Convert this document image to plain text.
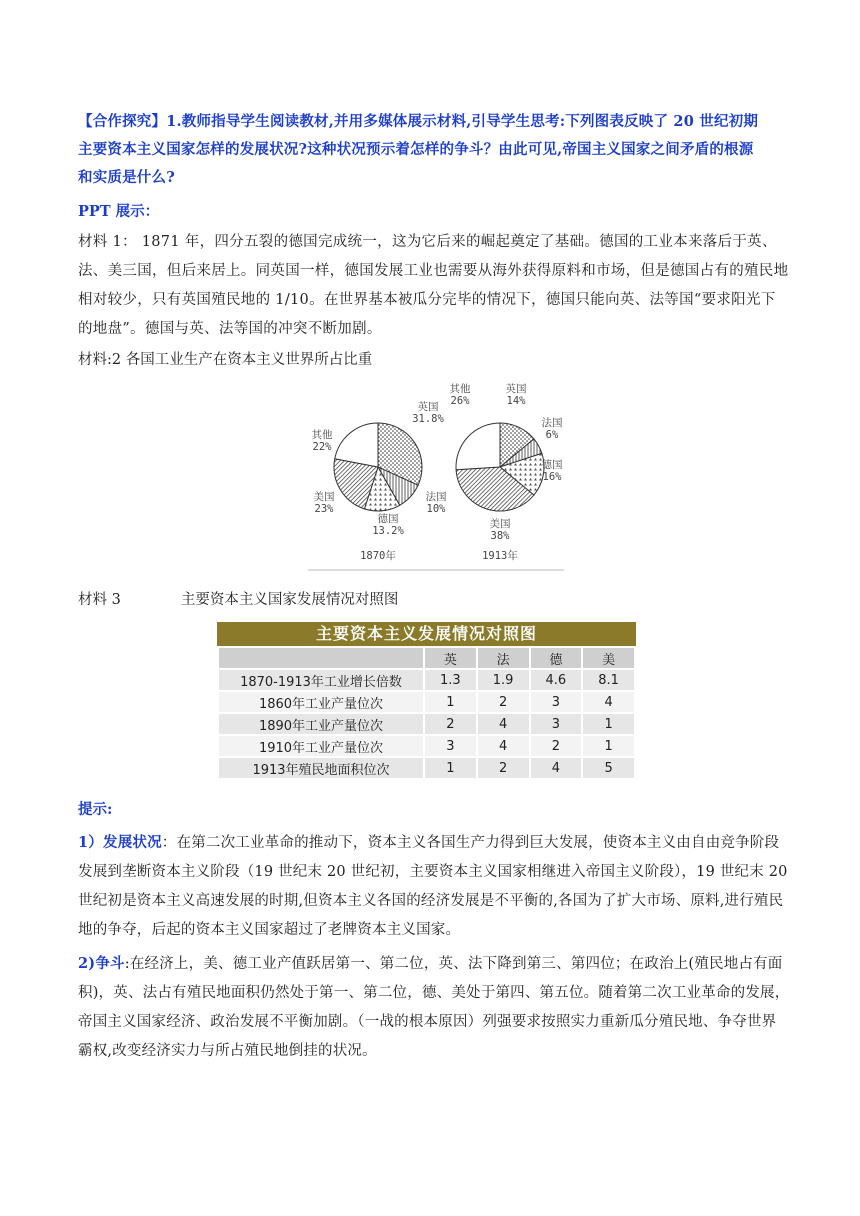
【合作探究】1.教师指导学生阅读教材,并用多媒体展示材料,引导学生思考:下列图表反映了 20 世纪初期

主要资本主义国家怎样的发展状况?这种状况预示着怎样的争斗？由此可见,帝国主义国家之间矛盾的根源

和实质是什么?

PPT 展示：

材料 1： 1871 年，四分五裂的德国完成统一，这为它后来的崛起奠定了基础。德国的工业本来落后于英、法、美三国，但后来居上。同英国一样，德国发展工业也需要从海外获得原料和市场，但是德国占有的殖民地相对较少，只有英国殖民地的 1/10。在世界基本被瓜分完毕的情况下，德国只能向英、法等国“要求阳光下的地盘”。德国与英、法等国的冲突不断加剧。

材料:2 各国工业生产在资本主义世界所占比重

英国
31.8%
法国
10%
德国
13.2%
美国
23%
其他
22%
1870年
英国
14%
法国
6%
德国
16%
美国
38%
其他
26%
1913年

材料 3	主要资本主义国家发展情况对照图

主要资本主义发展情况对照图
	英	法	德	美
1870-1913年工业增长倍数	1.3	1.9	4.6	8.1
1860年工业产量位次	1	2	3	4
1890年工业产量位次	2	4	3	1
1910年工业产量位次	3	4	2	1
1913年殖民地面积位次	1	2	4	5

提示:

1）发展状况：在第二次工业革命的推动下，资本主义各国生产力得到巨大发展，使资本主义由自由竞争阶段发展到垄断资本主义阶段（19 世纪末 20 世纪初，主要资本主义国家相继进入帝国主义阶段），19 世纪末 20 世纪初是资本主义高速发展的时期,但资本主义各国的经济发展是不平衡的,各国为了扩大市场、原料,进行殖民地的争夺，后起的资本主义国家超过了老牌资本主义国家。

2)争斗:在经济上，美、德工业产值跃居第一、第二位，英、法下降到第三、第四位；在政治上(殖民地占有面积)，英、法占有殖民地面积仍然处于第一、第二位，德、美处于第四、第五位。随着第二次工业革命的发展，帝国主义国家经济、政治发展不平衡加剧。（一战的根本原因）列强要求按照实力重新瓜分殖民地、争夺世界霸权,改变经济实力与所占殖民地倒挂的状况。
